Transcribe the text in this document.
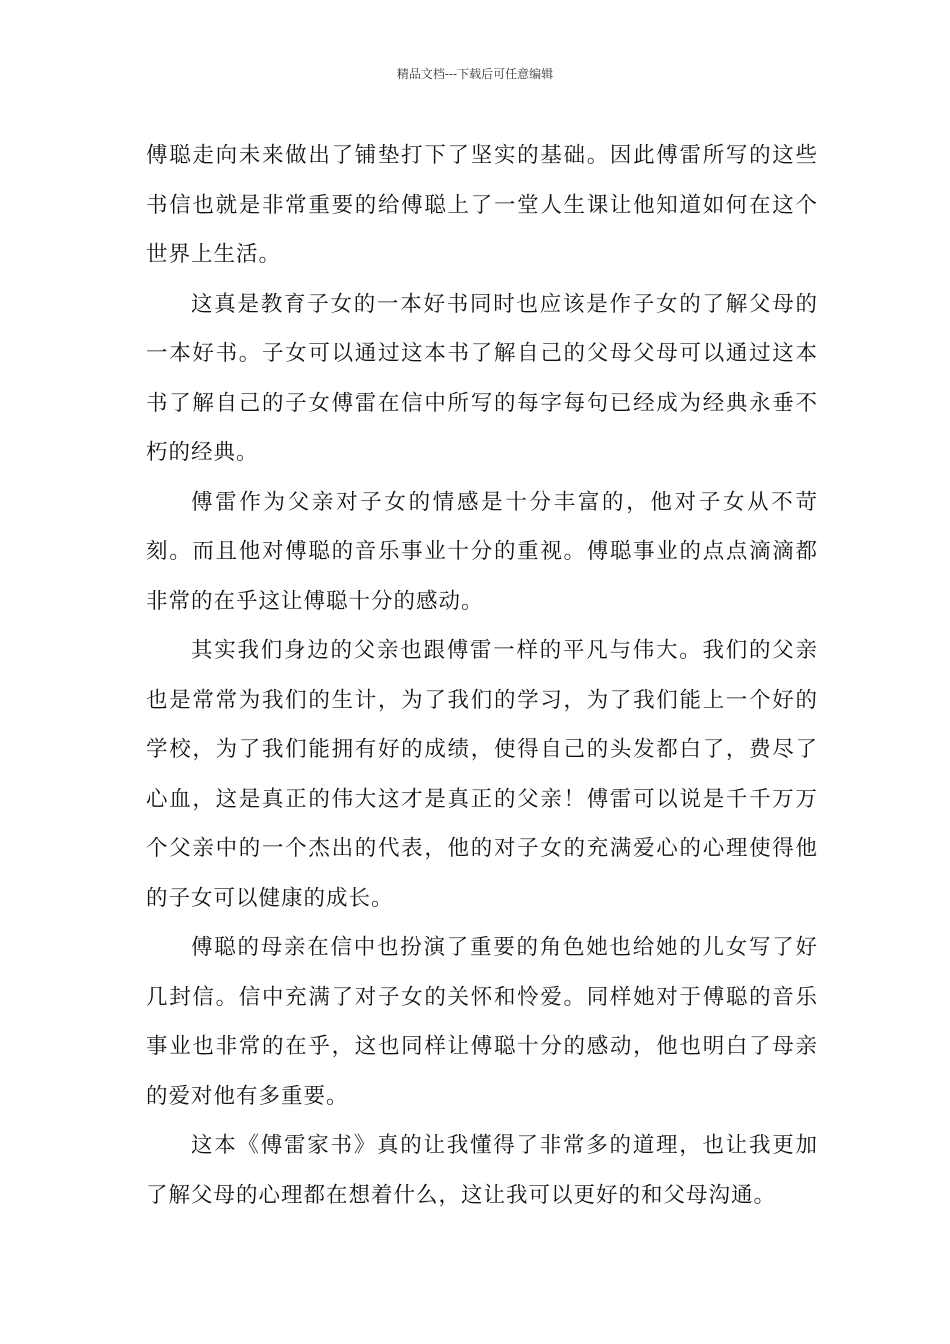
精品文档---下载后可任意编辑

傅聪走向未来做出了铺垫打下了坚实的基础。因此傅雷所写的这些书信也就是非常重要的给傅聪上了一堂人生课让他知道如何在这个世界上生活。

这真是教育子女的一本好书同时也应该是作子女的了解父母的一本好书。子女可以通过这本书了解自己的父母父母可以通过这本书了解自己的子女傅雷在信中所写的每字每句已经成为经典永垂不朽的经典。

傅雷作为父亲对子女的情感是十分丰富的，他对子女从不苛刻。而且他对傅聪的音乐事业十分的重视。傅聪事业的点点滴滴都非常的在乎这让傅聪十分的感动。

其实我们身边的父亲也跟傅雷一样的平凡与伟大。我们的父亲也是常常为我们的生计，为了我们的学习，为了我们能上一个好的学校，为了我们能拥有好的成绩，使得自己的头发都白了，费尽了心血，这是真正的伟大这才是真正的父亲！傅雷可以说是千千万万个父亲中的一个杰出的代表，他的对子女的充满爱心的心理使得他的子女可以健康的成长。

傅聪的母亲在信中也扮演了重要的角色她也给她的儿女写了好几封信。信中充满了对子女的关怀和怜爱。同样她对于傅聪的音乐事业也非常的在乎，这也同样让傅聪十分的感动，他也明白了母亲的爱对他有多重要。

这本《傅雷家书》真的让我懂得了非常多的道理，也让我更加了解父母的心理都在想着什么，这让我可以更好的和父母沟通。
